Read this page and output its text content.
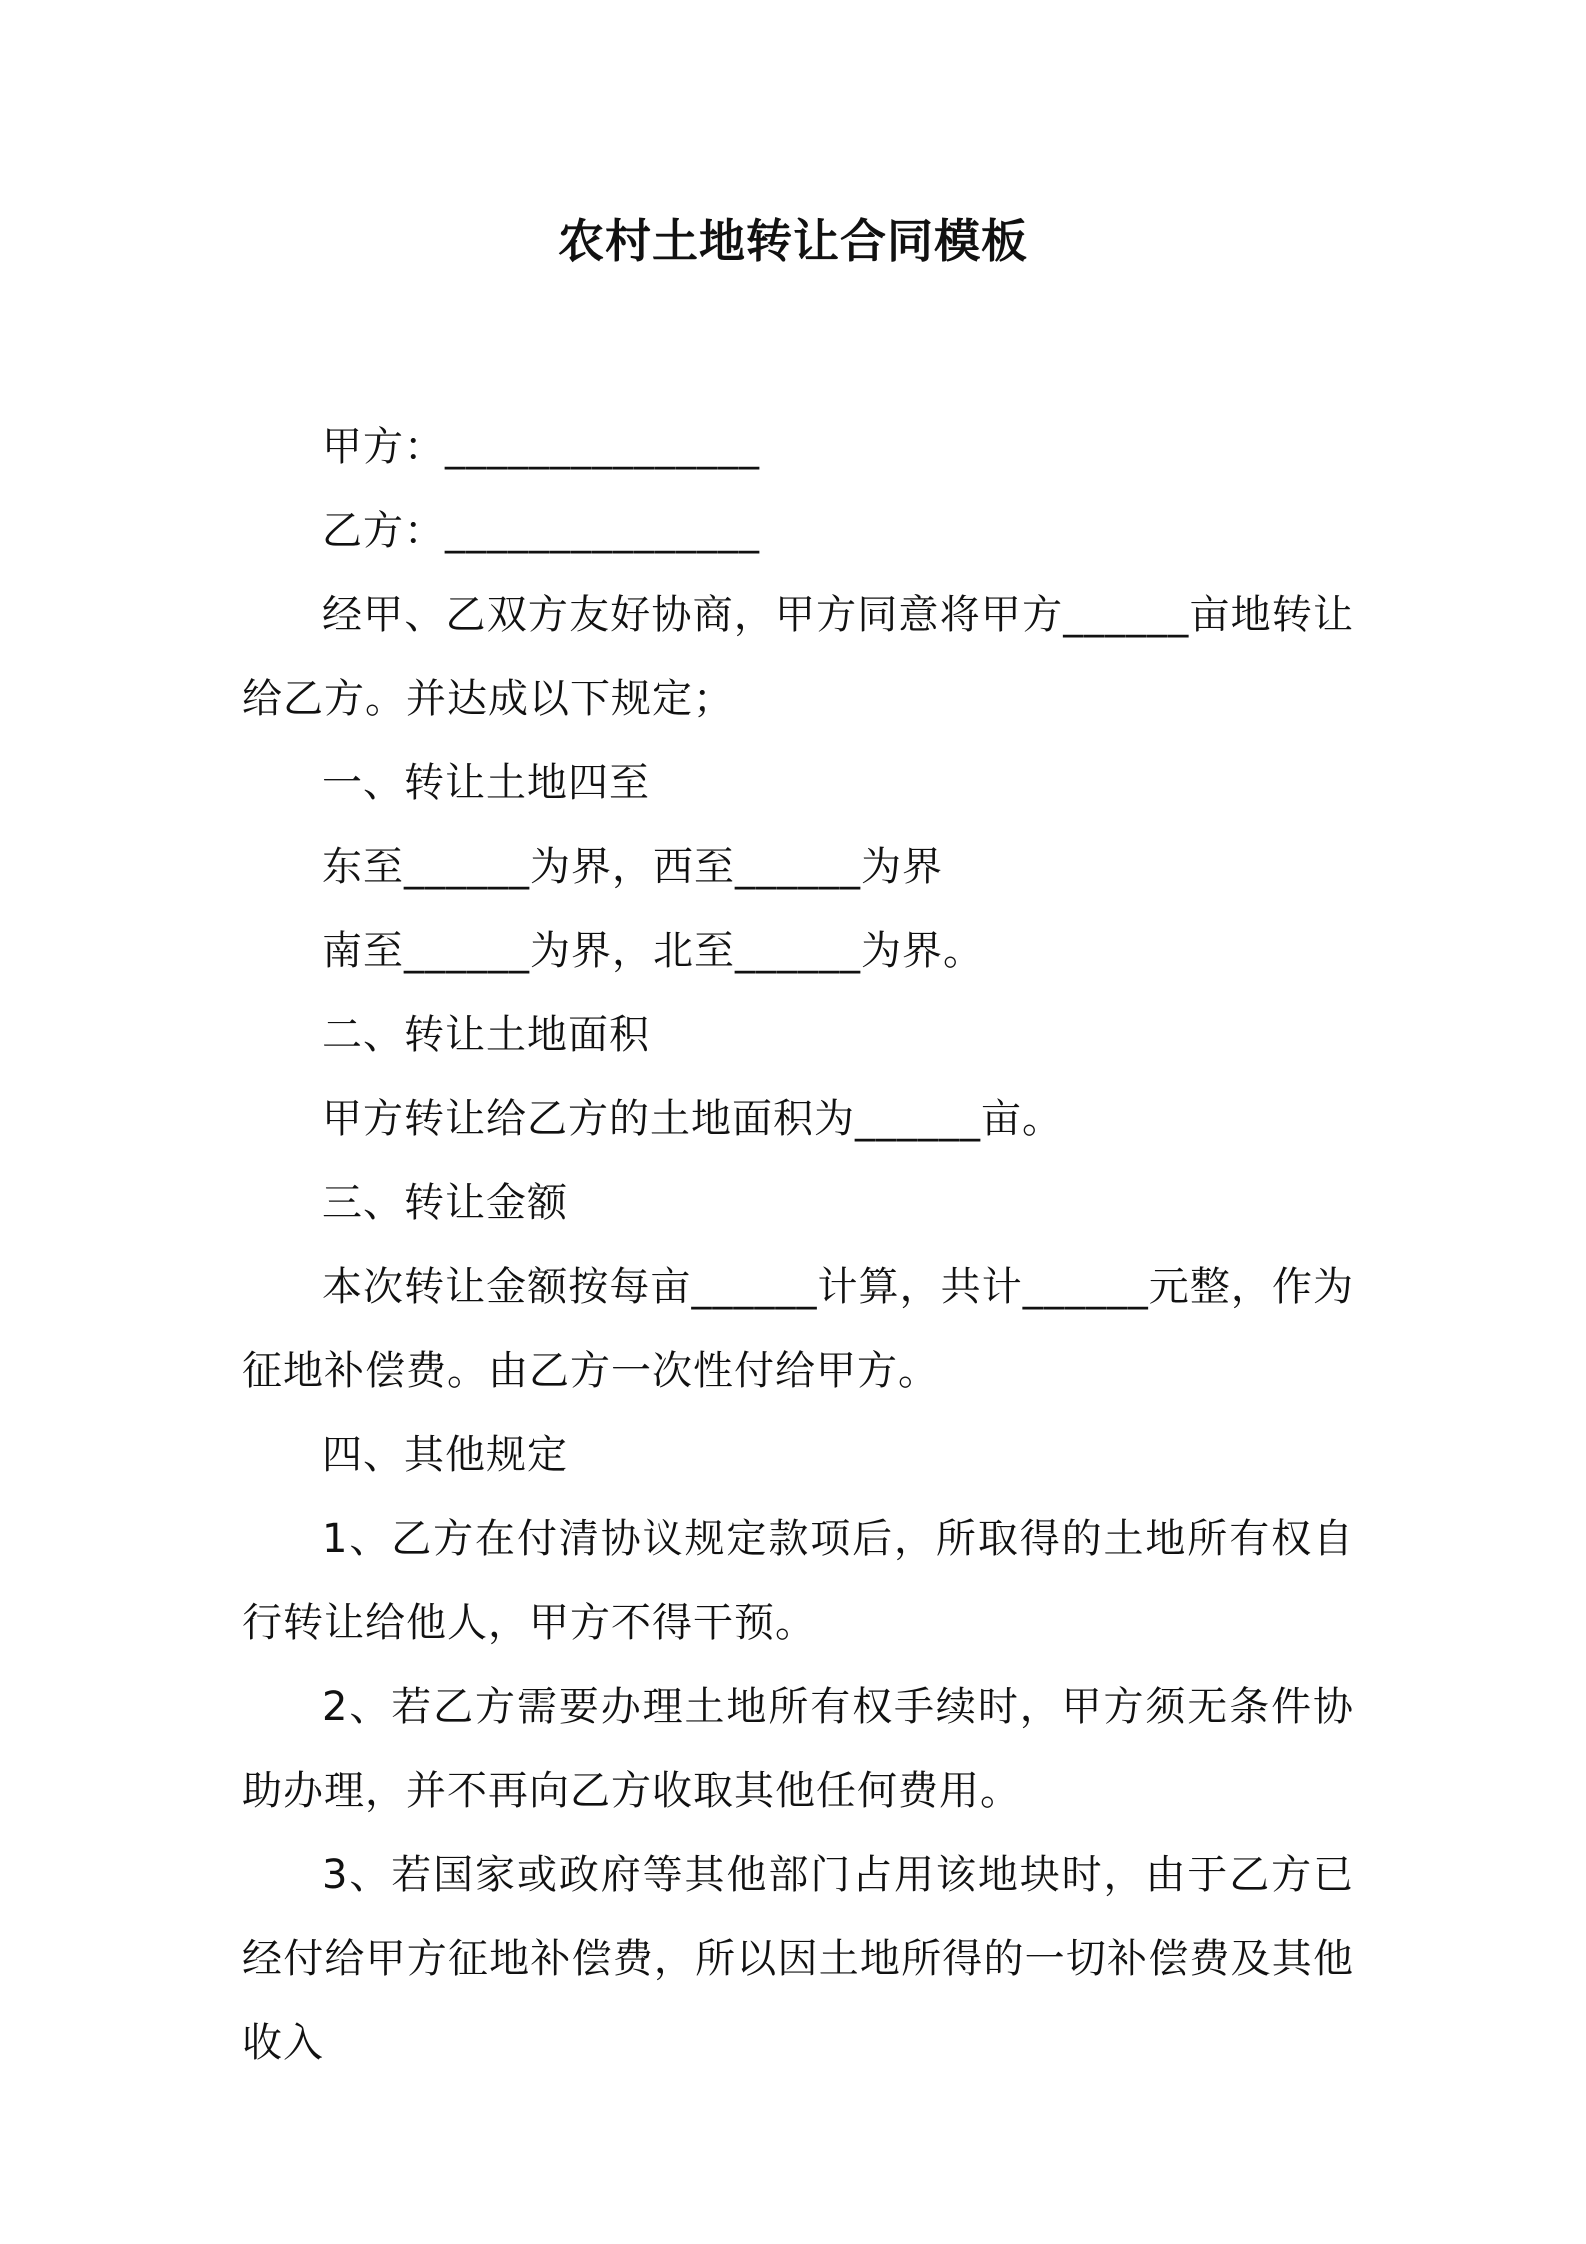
农村土地转让合同模板

甲方：_______________

乙方：_______________

经甲、乙双方友好协商，甲方同意将甲方______亩地转让给乙方。并达成以下规定；

一、转让土地四至

东至______为界，西至______为界

南至______为界，北至______为界。

二、转让土地面积

甲方转让给乙方的土地面积为______亩。

三、转让金额

本次转让金额按每亩______计算，共计______元整，作为征地补偿费。由乙方一次性付给甲方。

四、其他规定

1、乙方在付清协议规定款项后，所取得的土地所有权自行转让给他人，甲方不得干预。

2、若乙方需要办理土地所有权手续时，甲方须无条件协助办理，并不再向乙方收取其他任何费用。

3、若国家或政府等其他部门占用该地块时，由于乙方已经付给甲方征地补偿费，所以因土地所得的一切补偿费及其他收入
